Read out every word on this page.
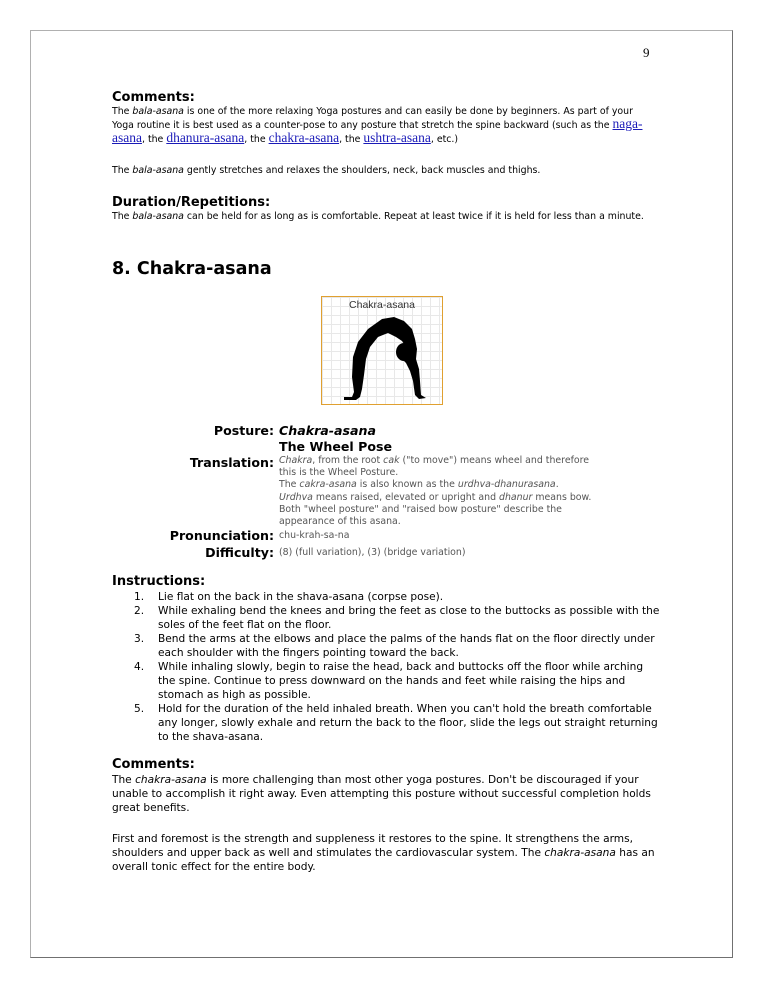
9
Comments:
The bala-asana is one of the more relaxing Yoga postures and can easily be done by beginners. As part of your Yoga routine it is best used as a counter-pose to any posture that stretch the spine backward (such as the naga-asana, the dhanura-asana, the chakra-asana, the ushtra-asana, etc.)
The bala-asana gently stretches and relaxes the shoulders, neck, back muscles and thighs.
Duration/Repetitions:
The bala-asana can be held for as long as is comfortable. Repeat at least twice if it is held for less than a minute.
8. Chakra-asana
Chakra-asana
Posture: Chakra-asana
The Wheel Pose
Translation: Chakra, from the root cak ("to move") means wheel and therefore this is the Wheel Posture.
The cakra-asana is also known as the urdhva-dhanurasana.
Urdhva means raised, elevated or upright and dhanur means bow. Both "wheel posture" and "raised bow posture" describe the appearance of this asana.
Pronunciation: chu-krah-sa-na
Difficulty: (8) (full variation), (3) (bridge variation)
Instructions:
1. Lie flat on the back in the shava-asana (corpse pose).
2. While exhaling bend the knees and bring the feet as close to the buttocks as possible with the soles of the feet flat on the floor.
3. Bend the arms at the elbows and place the palms of the hands flat on the floor directly under each shoulder with the fingers pointing toward the back.
4. While inhaling slowly, begin to raise the head, back and buttocks off the floor while arching the spine. Continue to press downward on the hands and feet while raising the hips and stomach as high as possible.
5. Hold for the duration of the held inhaled breath. When you can't hold the breath comfortable any longer, slowly exhale and return the back to the floor, slide the legs out straight returning to the shava-asana.
Comments:
The chakra-asana is more challenging than most other yoga postures. Don't be discouraged if your unable to accomplish it right away. Even attempting this posture without successful completion holds great benefits.
First and foremost is the strength and suppleness it restores to the spine. It strengthens the arms, shoulders and upper back as well and stimulates the cardiovascular system. The chakra-asana has an overall tonic effect for the entire body.
